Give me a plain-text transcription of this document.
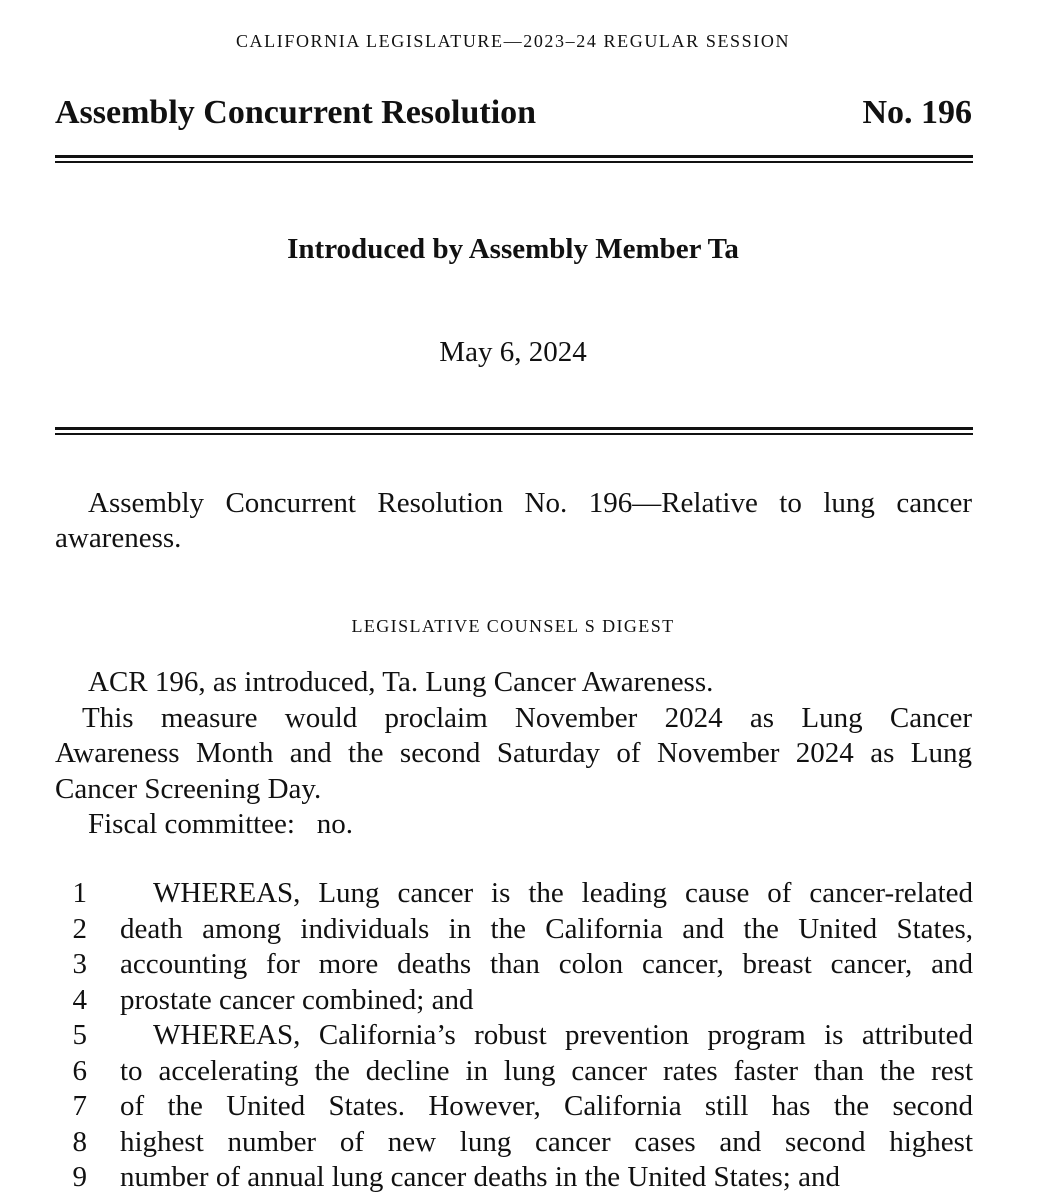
CALIFORNIA LEGISLATURE—2023–24 REGULAR SESSION
Assembly Concurrent Resolution	No. 196
Introduced by Assembly Member Ta
May 6, 2024
Assembly Concurrent Resolution No. 196—Relative to lung cancer
awareness.
LEGISLATIVE COUNSEL S DIGEST
ACR 196, as introduced, Ta. Lung Cancer Awareness.
This measure would proclaim November 2024 as Lung Cancer
Awareness Month and the second Saturday of November 2024 as Lung
Cancer Screening Day.
Fiscal committee:   no.
1	WHEREAS, Lung cancer is the leading cause of cancer-related
2 death among individuals in the California and the United States,
3 accounting for more deaths than colon cancer, breast cancer, and
4 prostate cancer combined; and
5	WHEREAS, California’s robust prevention program is attributed
6 to accelerating the decline in lung cancer rates faster than the rest
7 of the United States. However, California still has the second
8 highest number of new lung cancer cases and second highest
9 number of annual lung cancer deaths in the United States; and
